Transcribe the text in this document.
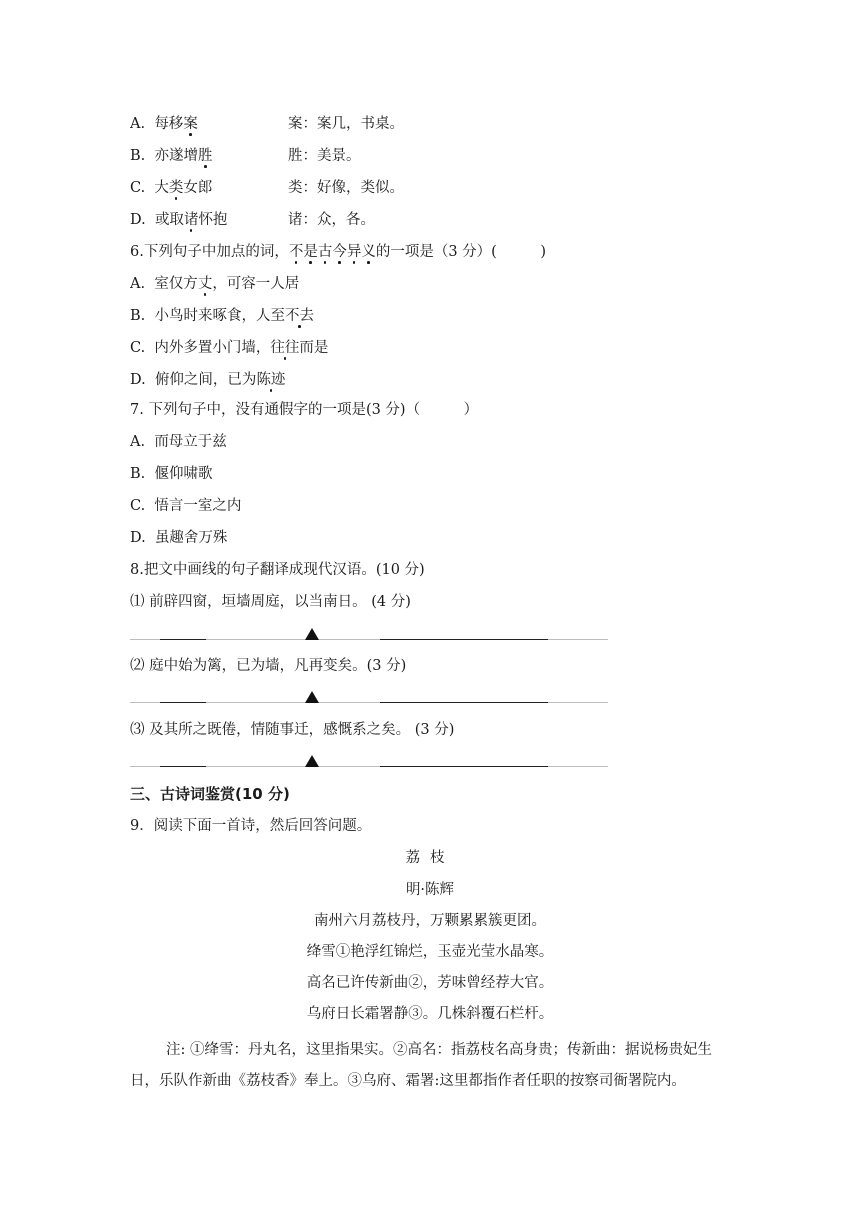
A. 每移案	案：案几，书桌。
B. 亦遂增胜	胜：美景。
C. 大类女郎	类：好像，类似。
D. 或取诸怀抱	诸：众，各。
6.下列句子中加点的词，不是古今异义的一项是（3 分）(　　　)
A. 室仅方丈，可容一人居
B. 小鸟时来啄食，人至不去
C. 内外多置小门墙，往往而是
D. 俯仰之间，已为陈迹
7. 下列句子中，没有通假字的一项是(3 分)（　　　）
A. 而母立于兹
B. 偃仰啸歌
C. 悟言一室之内
D. 虽趣舍万殊
8.把文中画线的句子翻译成现代汉语。(10 分)
⑴ 前辟四窗，垣墙周庭，以当南日。 (4 分)
⑵ 庭中始为篱，已为墙，凡再变矣。(3 分)
⑶ 及其所之既倦，情随事迁，感慨系之矣。 (3 分)
三、古诗词鉴赏(10 分)
9．阅读下面一首诗，然后回答问题。
荔枝
明·陈辉
南州六月荔枝丹，万颗累累簇更团。
绛雪①艳浮红锦烂，玉壶光莹水晶寒。
高名已许传新曲②，芳味曾经荐大官。
乌府日长霜署静③。几株斜覆石栏杆。
注: ①绛雪：丹丸名，这里指果实。②高名：指荔枝名高身贵；传新曲：据说杨贵妃生日，乐队作新曲《荔枝香》奉上。③乌府、霜署:这里都指作者任职的按察司衙署院内。
